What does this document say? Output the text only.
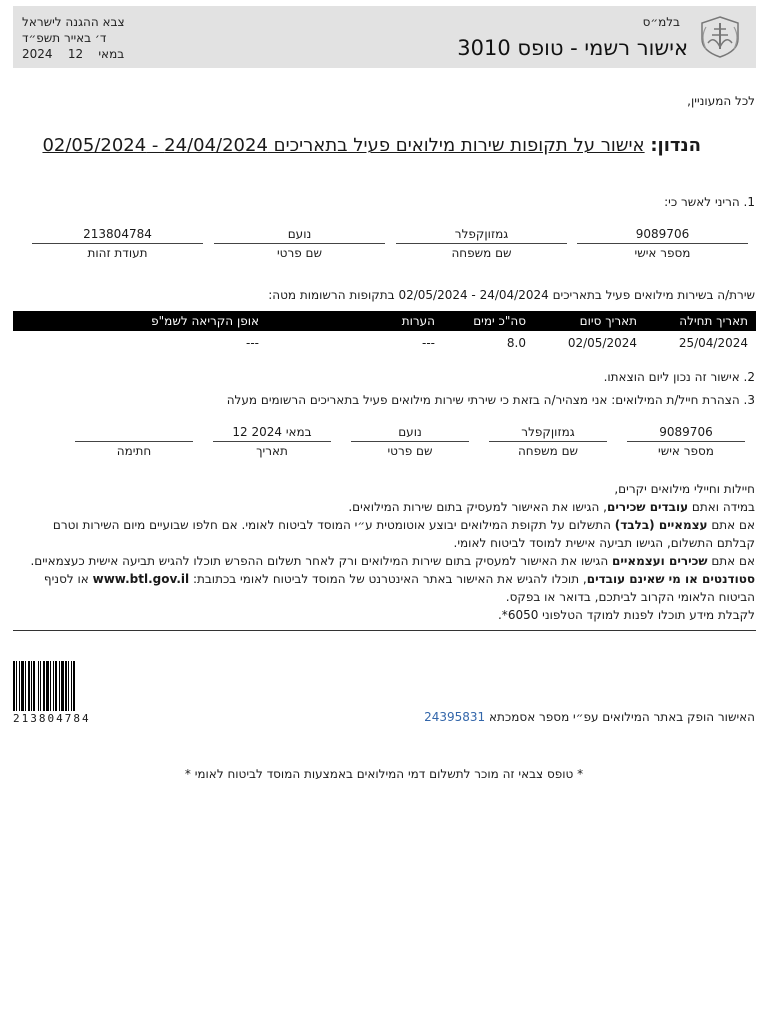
בלמ״ס
אישור רשמי - טופס 3010
צבא ההגנה לישראל
ד׳ באייר תשפ״ד
2024	במאי    12
לכל המעוניין,
הנדון: אישור על תקופות שירות מילואים פעיל בתאריכים 24/04/2024 - 02/05/2024
1. הריני לאשר כי:
9089706
מספר אישי
גמזוןקפלר
שם משפחה
נועם
שם פרטי
213804784
תעודת זהות
שירת/ה בשירות מילואים פעיל בתאריכים 24/04/2024 - 02/05/2024 בתקופות הרשומות מטה:
תאריך תחילה	תאריך סיום	סה"כ ימים	הערות	אופן הקריאה לשמ"פ
25/04/2024	02/05/2024	8.0	---	---
2. אישור זה נכון ליום הוצאתו.
3. הצהרת חייל/ת המילואים: אני מצהיר/ה בזאת כי שירתי שירות מילואים פעיל בתאריכים הרשומים מעלה
9089706
מספר אישי
גמזוןקפלר
שם משפחה
נועם
שם פרטי
12 במאי 2024
תאריך
חתימה
חיילות וחיילי מילואים יקרים,
במידה ואתם עובדים שכירים, הגישו את האישור למעסיק בתום שירות המילואים.
אם אתם עצמאיים (בלבד) התשלום על תקופת המילואים יבוצע אוטומטית ע״י המוסד לביטוח לאומי. אם חלפו שבועיים מיום השירות וטרם קבלתם התשלום, הגישו תביעה אישית למוסד לביטוח לאומי.
אם אתם שכירים ועצמאיים הגישו את האישור למעסיק בתום שירות המילואים ורק לאחר תשלום ההפרש תוכלו להגיש תביעה אישית כעצמאיים.
סטודנטים או מי שאינם עובדים, תוכלו להגיש את האישור באתר האינטרנט של המוסד לביטוח לאומי בכתובת: www.btl.gov.il או לסניף הביטוח הלאומי הקרוב לביתכם, בדואר או בפקס.
לקבלת מידע תוכלו לפנות למוקד הטלפוני 6050*.
213804784	האישור הופק באתר המילואים עפ״י מספר אסמכתא 24395831
* טופס צבאי זה מוכר לתשלום דמי המילואים באמצעות המוסד לביטוח לאומי *
